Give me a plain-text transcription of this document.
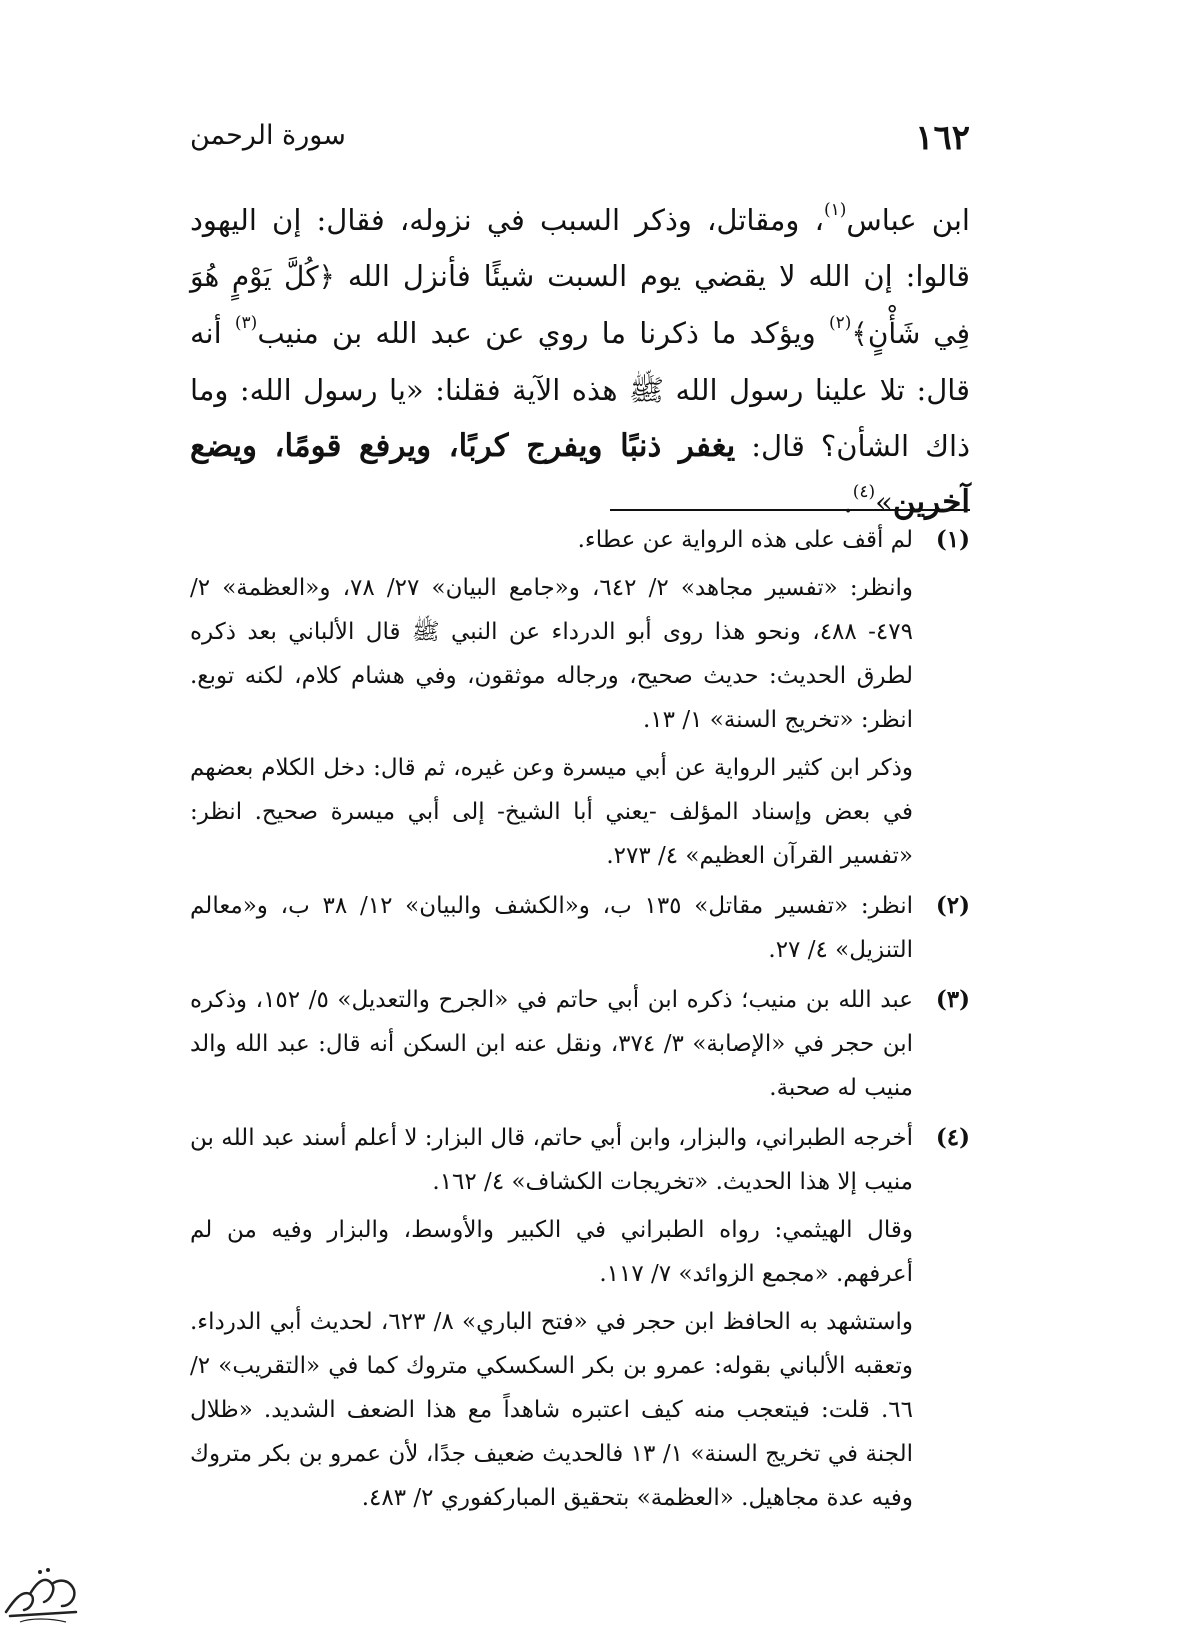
١٦٢
سورة الرحمن
ابن عباس$^{(١)}$، ومقاتل، وذكر السبب في نزوله، فقال: إن اليهود قالوا: إن الله لا يقضي يوم السبت شيئًا فأنزل الله ﴿كُلَّ يَوْمٍ هُوَ فِي شَأْنٍ﴾$^{(٢)}$ ويؤكد ما ذكرنا ما روي عن عبد الله بن منيب$^{(٣)}$ أنه قال: تلا علينا رسول الله ﷺ هذه الآية فقلنا: «يا رسول الله: وما ذاك الشأن؟ قال: يغفر ذنبًا ويفرج كربًا، ويرفع قومًا، ويضع آخرين»$^{(٤)}$.
(١)

لم أقف على هذه الرواية عن عطاء.

وانظر: «تفسير مجاهد» ٢/ ٦٤٢، و«جامع البيان» ٢٧/ ٧٨، و«العظمة» ٢/ ٤٧٩- ٤٨٨، ونحو هذا روى أبو الدرداء عن النبي ﷺ قال الألباني بعد ذكره لطرق الحديث: حديث صحيح، ورجاله موثقون، وفي هشام كلام، لكنه توبع. انظر: «تخريج السنة» ١/ ١٣.

وذكر ابن كثير الرواية عن أبي ميسرة وعن غيره، ثم قال: دخل الكلام بعضهم في بعض وإسناد المؤلف -يعني أبا الشيخ- إلى أبي ميسرة صحيح. انظر: «تفسير القرآن العظيم» ٤/ ٢٧٣.

(٢)

انظر: «تفسير مقاتل» ١٣٥ ب، و«الكشف والبيان» ١٢/ ٣٨ ب، و«معالم التنزيل» ٤/ ٢٧.

(٣)

عبد الله بن منيب؛ ذكره ابن أبي حاتم في «الجرح والتعديل» ٥/ ١٥٢، وذكره ابن حجر في «الإصابة» ٣/ ٣٧٤، ونقل عنه ابن السكن أنه قال: عبد الله والد منيب له صحبة.

(٤)

أخرجه الطبراني، والبزار، وابن أبي حاتم، قال البزار: لا أعلم أسند عبد الله بن منيب إلا هذا الحديث. «تخريجات الكشاف» ٤/ ١٦٢.

وقال الهيثمي: رواه الطبراني في الكبير والأوسط، والبزار وفيه من لم أعرفهم. «مجمع الزوائد» ٧/ ١١٧.

واستشهد به الحافظ ابن حجر في «فتح الباري» ٨/ ٦٢٣، لحديث أبي الدرداء. وتعقبه الألباني بقوله: عمرو بن بكر السكسكي متروك كما في «التقريب» ٢/ ٦٦. قلت: فيتعجب منه كيف اعتبره شاهداً مع هذا الضعف الشديد. «ظلال الجنة في تخريج السنة» ١/ ١٣ فالحديث ضعيف جدًا، لأن عمرو بن بكر متروك وفيه عدة مجاهيل. «العظمة» بتحقيق المباركفوري ٢/ ٤٨٣.
